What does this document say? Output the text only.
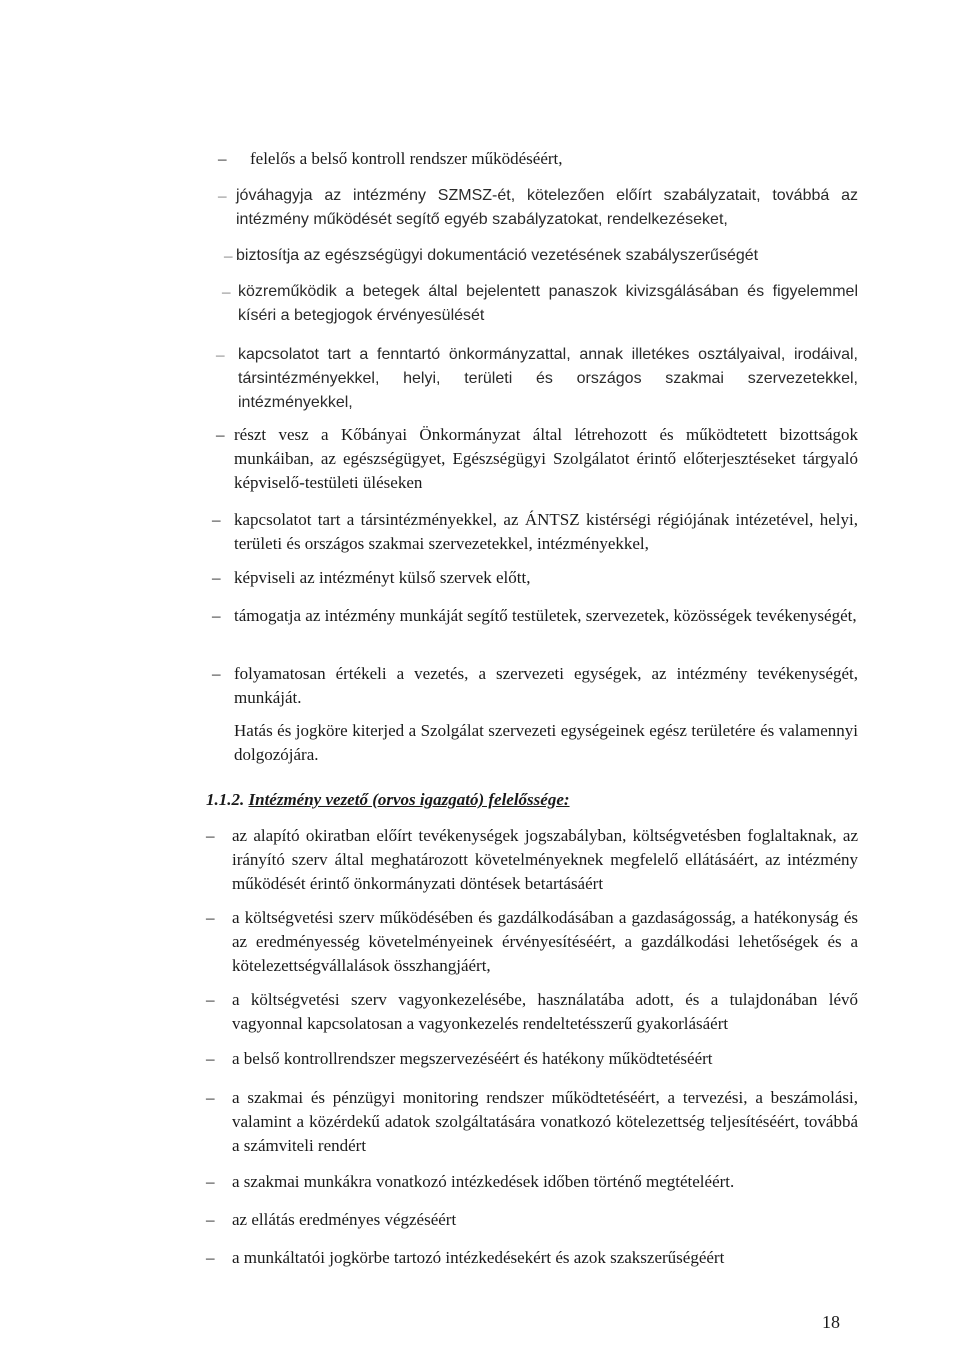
– felelős a belső kontroll rendszer működéséért,
– jóváhagyja az intézmény SZMSZ-ét, kötelezően előírt szabályzatait, továbbá az intézmény működését segítő egyéb szabályzatokat, rendelkezéseket,
– biztosítja az egészségügyi dokumentáció vezetésének szabályszerűségét
– közreműködik a betegek által bejelentett panaszok kivizsgálásában és figyelemmel kíséri a betegjogok érvényesülését
– kapcsolatot tart a fenntartó önkormányzattal, annak illetékes osztályaival, irodáival, társintézményekkel, helyi, területi és országos szakmai szervezetekkel, intézményekkel,
– részt vesz a Kőbányai Önkormányzat által létrehozott és működtetett bizottságok munkáiban, az egészségügyet, Egészségügyi Szolgálatot érintő előterjesztéseket tárgyaló képviselő-testületi üléseken
– kapcsolatot tart a társintézményekkel, az ÁNTSZ kistérségi régiójának intézetével, helyi, területi és országos szakmai szervezetekkel, intézményekkel,
– képviseli az intézményt külső szervek előtt,
– támogatja az intézmény munkáját segítő testületek, szervezetek, közösségek tevékenységét,
– folyamatosan értékeli a vezetés, a szervezeti egységek, az intézmény tevékenységét, munkáját.
Hatás és jogköre kiterjed a Szolgálat szervezeti egységeinek egész területére és valamennyi dolgozójára.
1.1.2. Intézmény vezető (orvos igazgató) felelőssége:
– az alapító okiratban előírt tevékenységek jogszabályban, költségvetésben foglaltaknak, az irányító szerv által meghatározott követelményeknek megfelelő ellátásáért, az intézmény működését érintő önkormányzati döntések betartásáért
– a költségvetési szerv működésében és gazdálkodásában a gazdaságosság, a hatékonyság és az eredményesség követelményeinek érvényesítéséért, a gazdálkodási lehetőségek és a kötelezettségvállalások összhangjáért,
– a költségvetési szerv vagyonkezelésébe, használatába adott, és a tulajdonában lévő vagyonnal kapcsolatosan a vagyonkezelés rendeltetésszerű gyakorlásáért
– a belső kontrollrendszer megszervezéséért és hatékony működtetéséért
– a szakmai és pénzügyi monitoring rendszer működtetéséért, a tervezési, a beszámolási, valamint a közérdekű adatok szolgáltatására vonatkozó kötelezettség teljesítéséért, továbbá a számviteli rendért
– a szakmai munkákra vonatkozó intézkedések időben történő megtételéért.
– az ellátás eredményes végzéséért
– a munkáltatói jogkörbe tartozó intézkedésekért és azok szakszerűségéért
18
